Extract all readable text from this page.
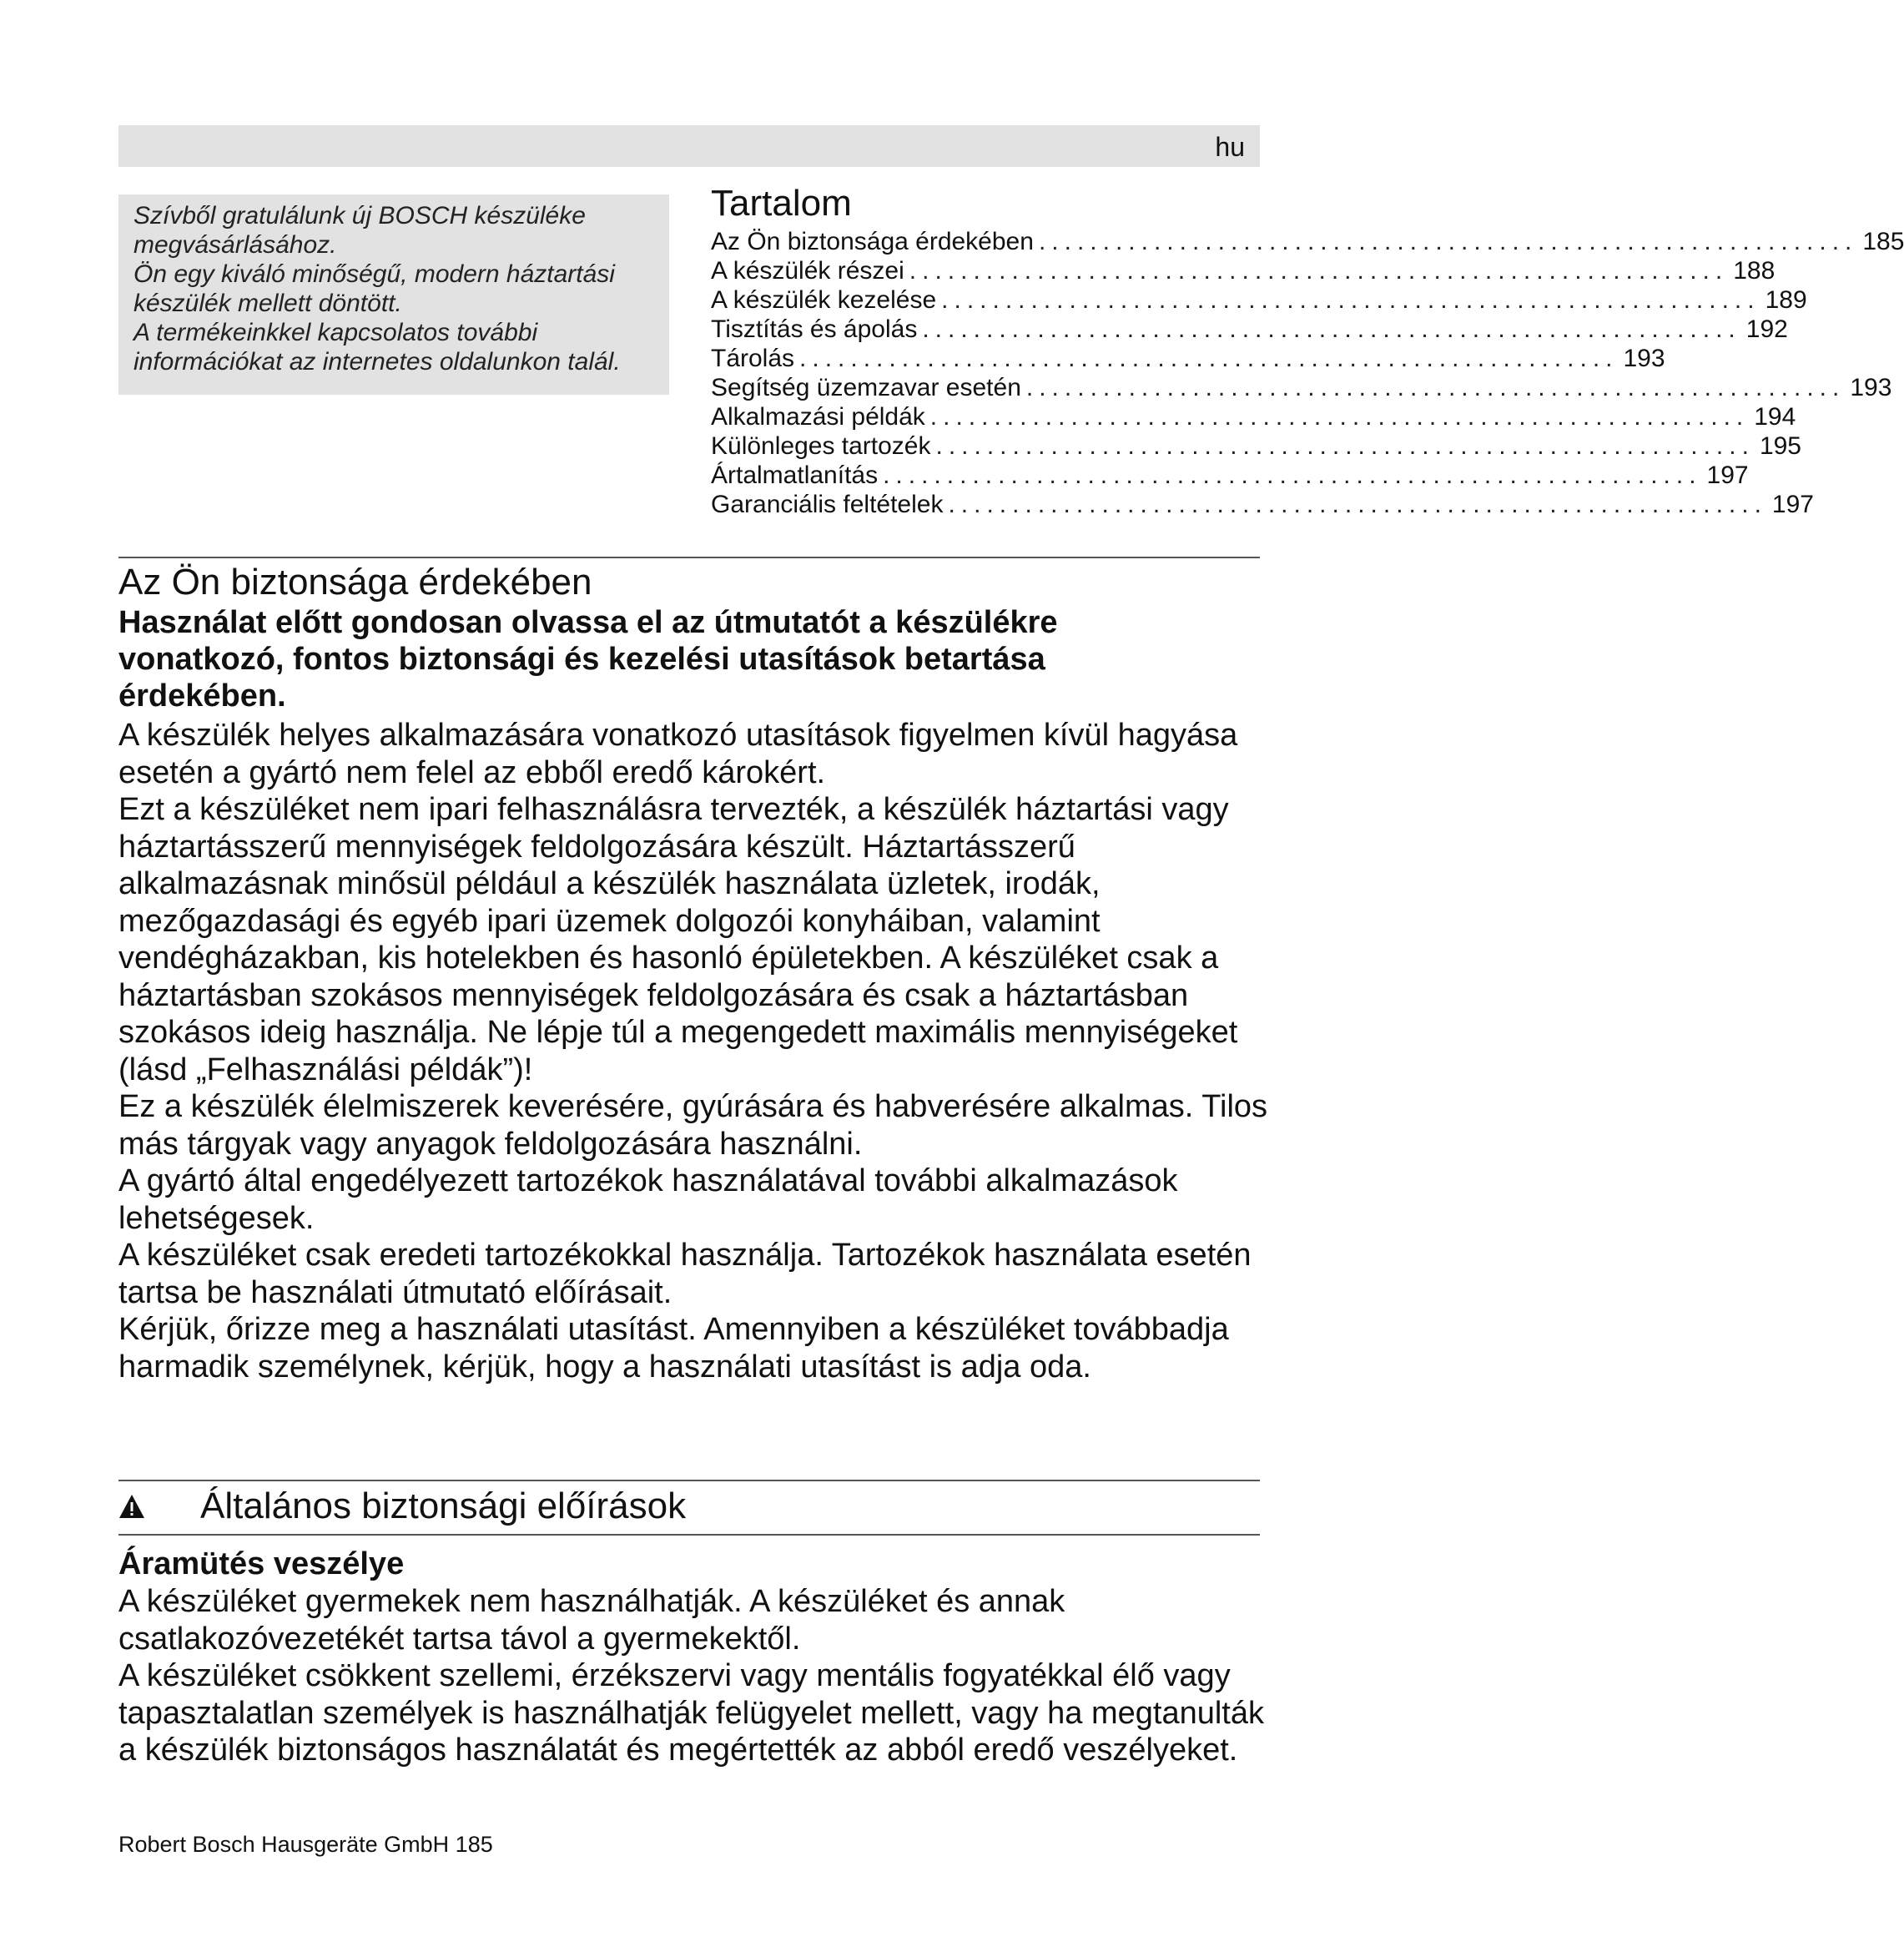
hu
Szívből gratulálunk új BOSCH készüléke
megvásárlásához.
Ön egy kiváló minőségű, modern háztartási
készülék mellett döntött.
A termékeinkkel kapcsolatos további
információkat az internetes oldalunkon talál.
Tartalom
Az Ön biztonsága érdekében ................................................................ 185
A készülék részei ................................................................ 188
A készülék kezelése ................................................................ 189
Tisztítás és ápolás ................................................................ 192
Tárolás ................................................................ 193
Segítség üzemzavar esetén ................................................................ 193
Alkalmazási példák ................................................................ 194
Különleges tartozék ................................................................ 195
Ártalmatlanítás ................................................................ 197
Garanciális feltételek ................................................................ 197
Az Ön biztonsága érdekében

Használat előtt gondosan olvassa el az útmutatót a készülékre vonatkozó, fontos biztonsági és kezelési utasítások betartása érdekében.

A készülék helyes alkalmazására vonatkozó utasítások figyelmen kívül hagyása esetén a gyártó nem felel az ebből eredő károkért.

Ezt a készüléket nem ipari felhasználásra tervezték, a készülék háztartási vagy háztartásszerű mennyiségek feldolgozására készült. Háztartásszerű alkalmazásnak minősül például a készülék használata üzletek, irodák, mezőgazdasági és egyéb ipari üzemek dolgozói konyháiban, valamint vendégházakban, kis hotelekben és hasonló épületekben. A készüléket csak a háztartásban szokásos mennyiségek feldolgozására és csak a háztartásban szokásos ideig használja. Ne lépje túl a megengedett maximális mennyiségeket (lásd „Felhasználási példák”)!

Ez a készülék élelmiszerek keverésére, gyúrására és habverésére alkalmas. Tilos más tárgyak vagy anyagok feldolgozására használni.

A gyártó által engedélyezett tartozékok használatával további alkalmazások lehetségesek.

A készüléket csak eredeti tartozékokkal használja. Tartozékok használata esetén tartsa be használati útmutató előírásait.

Kérjük, őrizze meg a használati utasítást. Amennyiben a készüléket továbbadja harmadik személynek, kérjük, hogy a használati utasítást is adja oda.

Általános biztonsági előírások
Áramütés veszélye

A készüléket gyermekek nem használhatják. A készüléket és annak csatlakozóvezetékét tartsa távol a gyermekektől.

A készüléket csökkent szellemi, érzékszervi vagy mentális fogyatékkal élő vagy tapasztalatlan személyek is használhatják felügyelet mellett, vagy ha megtanulták a készülék biztonságos használatát és megértették az abból eredő veszélyeket.

Robert Bosch Hausgeräte GmbH 185
